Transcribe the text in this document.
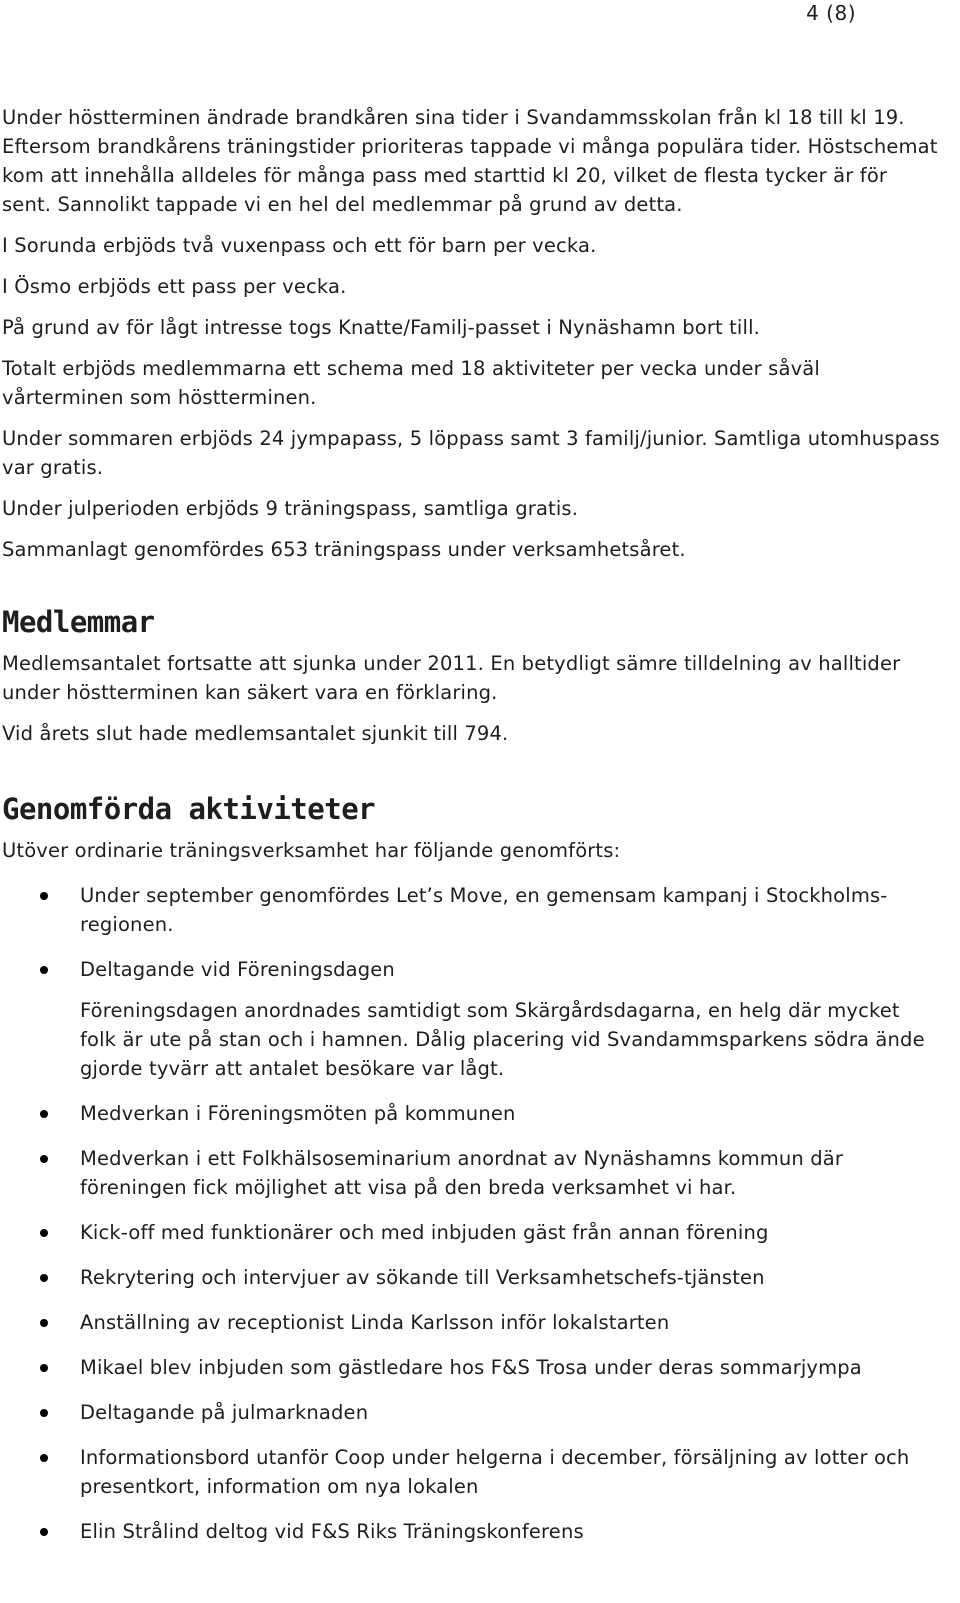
4 (8)

Under höstterminen ändrade brandkåren sina tider i Svandammsskolan från kl 18 till kl 19. Eftersom brandkårens träningstider prioriteras tappade vi många populära tider. Höstschemat kom att innehålla alldeles för många pass med starttid kl 20, vilket de flesta tycker är för sent. Sannolikt tappade vi en hel del medlemmar på grund av detta.

I Sorunda erbjöds två vuxenpass och ett för barn per vecka.

I Ösmo erbjöds ett pass per vecka.

På grund av för lågt intresse togs Knatte/Familj-passet i Nynäshamn bort till.

Totalt erbjöds medlemmarna ett schema med 18 aktiviteter per vecka under såväl vårterminen som höstterminen.

Under sommaren erbjöds 24 jympapass, 5 löppass samt 3 familj/junior. Samtliga utomhuspass var gratis.

Under julperioden erbjöds 9 träningspass, samtliga gratis.

Sammanlagt genomfördes 653 träningspass under verksamhetsåret.

Medlemmar

Medlemsantalet fortsatte att sjunka under 2011. En betydligt sämre tilldelning av halltider under höstterminen kan säkert vara en förklaring.

Vid årets slut hade medlemsantalet sjunkit till 794.

Genomförda aktiviteter

Utöver ordinarie träningsverksamhet har följande genomförts:

Under september genomfördes Let’s Move, en gemensam kampanj i Stockholms-regionen.

Deltagande vid Föreningsdagen

Föreningsdagen anordnades samtidigt som Skärgårdsdagarna, en helg där mycket folk är ute på stan och i hamnen. Dålig placering vid Svandammsparkens södra ände gjorde tyvärr att antalet besökare var lågt.

Medverkan i Föreningsmöten på kommunen

Medverkan i ett Folkhälsoseminarium anordnat av Nynäshamns kommun där föreningen fick möjlighet att visa på den breda verksamhet vi har.

Kick-off med funktionärer och med inbjuden gäst från annan förening

Rekrytering och intervjuer av sökande till Verksamhetschefs-tjänsten

Anställning av receptionist Linda Karlsson inför lokalstarten

Mikael blev inbjuden som gästledare hos F&S Trosa under deras sommarjympa

Deltagande på julmarknaden

Informationsbord utanför Coop under helgerna i december, försäljning av lotter och presentkort, information om nya lokalen

Elin Strålind deltog vid F&S Riks Träningskonferens
